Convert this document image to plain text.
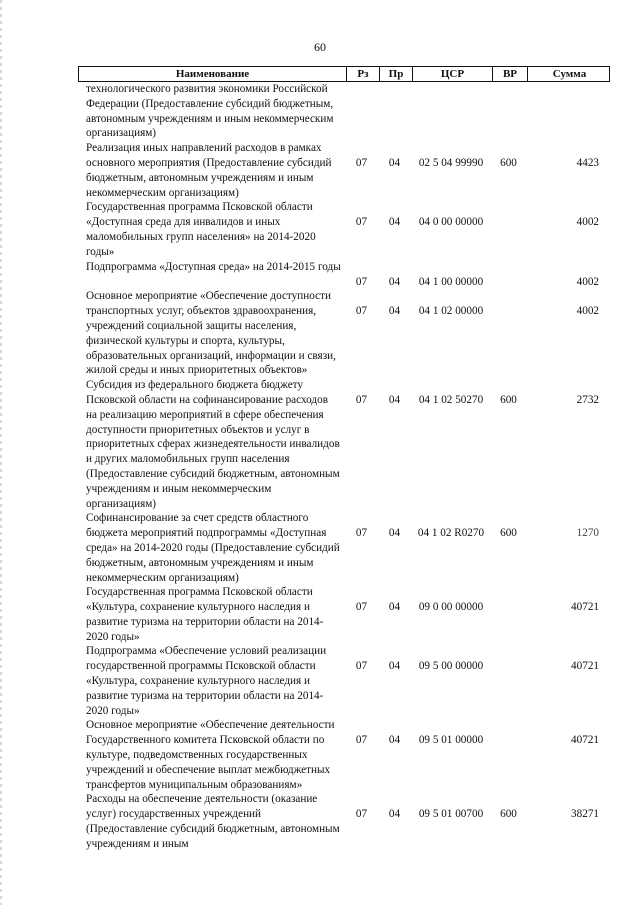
60
Наименование	Рз	Пр	ЦСР	ВР	Сумма
технологического развития экономики Российской Федерации (Предоставление субсидий бюджетным, автономным учреждениям и иным некоммерческим организациям)
Реализация иных направлений расходов в рамках основного мероприятия (Предоставление субсидий бюджетным, автономным учреждениям и иным некоммерческим организациям)
07	04	02 5 04 99990	600	4423
Государственная программа Псковской области «Доступная среда для инвалидов и иных маломобильных групп населения» на 2014-2020 годы»
07	04	04 0 00 00000	4002
Подпрограмма «Доступная среда» на 2014-2015 годы
07	04	04 1 00 00000	4002
Основное мероприятие «Обеспечение доступности транспортных услуг, объектов здравоохранения, учреждений социальной защиты населения, физической культуры и спорта, культуры, образовательных организаций, информации и связи, жилой среды и иных приоритетных объектов»
07	04	04 1 02 00000	4002
Субсидия из федерального бюджета бюджету Псковской области на софинансирование расходов на реализацию мероприятий в сфере обеспечения доступности приоритетных объектов и услуг в приоритетных сферах жизнедеятельности инвалидов и других маломобильных групп населения (Предоставление субсидий бюджетным, автономным учреждениям и иным некоммерческим организациям)
07	04	04 1 02 50270	600	2732
Софинансирование за счет средств областного бюджета мероприятий подпрограммы «Доступная среда» на 2014-2020 годы (Предоставление субсидий бюджетным, автономным учреждениям и иным некоммерческим организациям)
07	04	04 1 02 R0270	600	1270
Государственная программа Псковской области «Культура, сохранение культурного наследия и развитие туризма на территории области на 2014-2020 годы»
07	04	09 0 00 00000	40721
Подпрограмма «Обеспечение условий реализации государственной программы Псковской области «Культура, сохранение культурного наследия и развитие туризма на территории области на 2014-2020 годы»
07	04	09 5 00 00000	40721
Основное мероприятие «Обеспечение деятельности Государственного комитета Псковской области по культуре, подведомственных государственных учреждений и обеспечение выплат межбюджетных трансфертов муниципальным образованиям»
07	04	09 5 01 00000	40721
Расходы на обеспечение деятельности (оказание услуг) государственных учреждений (Предоставление субсидий бюджетным, автономным учреждениям и иным
07	04	09 5 01 00700	600	38271
